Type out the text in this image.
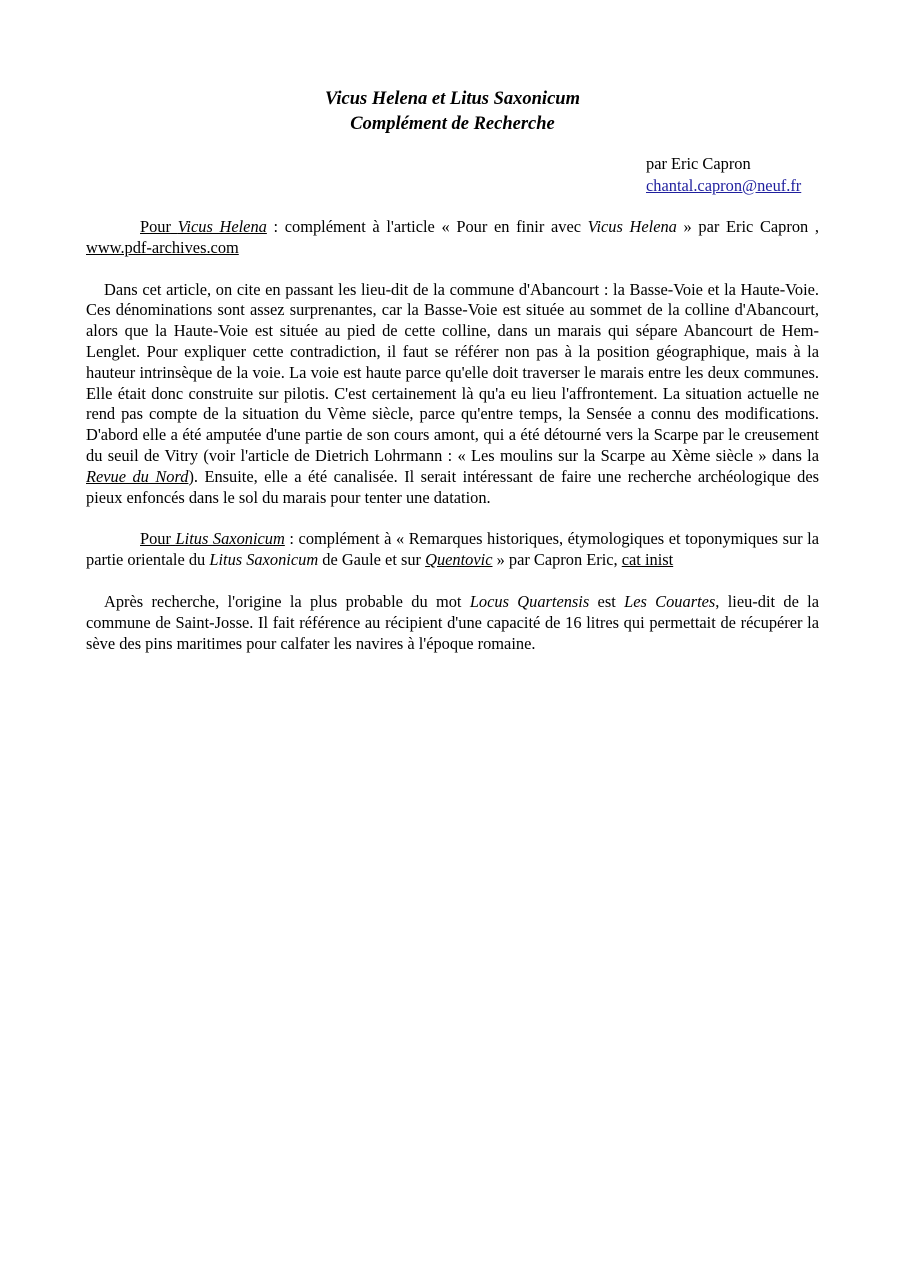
Vicus Helena et Litus Saxonicum
Complément de Recherche
par Eric Capron
chantal.capron@neuf.fr

Pour Vicus Helena : complément à l'article « Pour en finir avec Vicus Helena » par Eric Capron , www.pdf-archives.com

Dans cet article, on cite en passant les lieu-dit de la commune d'Abancourt : la Basse-Voie et la Haute-Voie. Ces dénominations sont assez surprenantes, car la Basse-Voie est située au sommet de la colline d'Abancourt, alors que la Haute-Voie est située au pied de cette colline, dans un marais qui sépare Abancourt de Hem-Lenglet. Pour expliquer cette contradiction, il faut se référer non pas à la position géographique, mais à la hauteur intrinsèque de la voie. La voie est haute parce qu'elle doit traverser le marais entre les deux communes. Elle était donc construite sur pilotis. C'est certainement là qu'a eu lieu l'affrontement. La situation actuelle ne rend pas compte de la situation du Vème siècle, parce qu'entre temps, la Sensée a connu des modifications. D'abord elle a été amputée d'une partie de son cours amont, qui a été détourné vers la Scarpe par le creusement du seuil de Vitry (voir l'article de Dietrich Lohrmann : « Les moulins sur la Scarpe au Xème siècle » dans la Revue du Nord). Ensuite, elle a été canalisée. Il serait intéressant de faire une recherche archéologique des pieux enfoncés dans le sol du marais pour tenter une datation.

Pour Litus Saxonicum : complément à « Remarques historiques, étymologiques et toponymiques sur la partie orientale du Litus Saxonicum de Gaule et sur Quentovic » par Capron Eric, cat inist

Après recherche, l'origine la plus probable du mot Locus Quartensis est Les Couartes, lieu-dit de la commune de Saint-Josse. Il fait référence au récipient d'une capacité de 16 litres qui permettait de récupérer la sève des pins maritimes pour calfater les navires à l'époque romaine.
